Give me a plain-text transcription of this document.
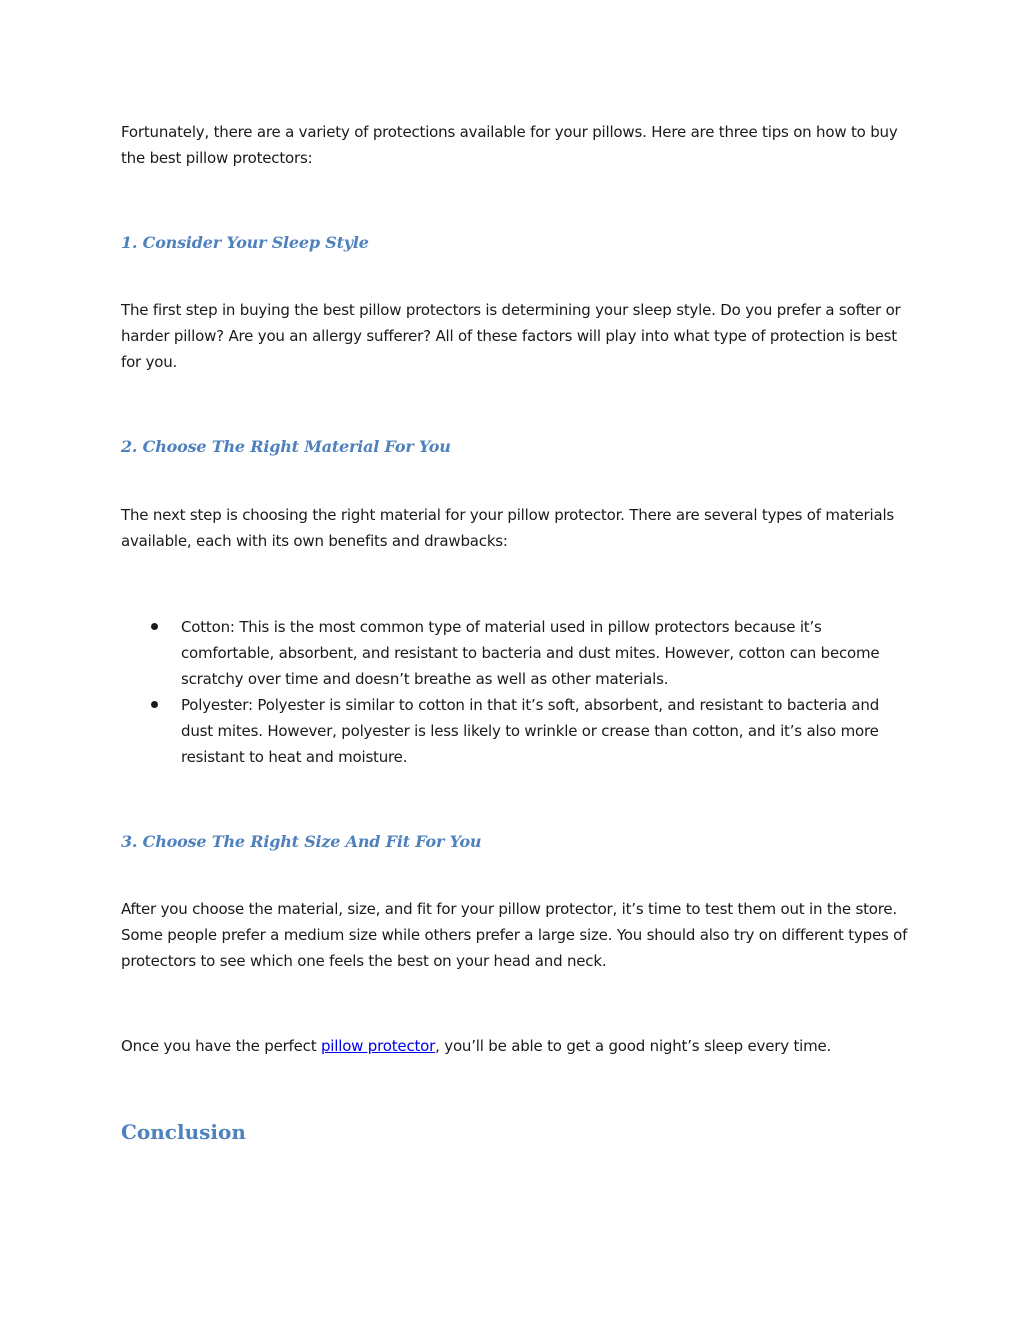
Fortunately, there are a variety of protections available for your pillows. Here are three tips on how to buy the best pillow protectors:

1. Consider Your Sleep Style

The first step in buying the best pillow protectors is determining your sleep style. Do you prefer a softer or harder pillow? Are you an allergy sufferer? All of these factors will play into what type of protection is best for you.

2. Choose The Right Material For You

The next step is choosing the right material for your pillow protector. There are several types of materials available, each with its own benefits and drawbacks:

Cotton: This is the most common type of material used in pillow protectors because it’s comfortable, absorbent, and resistant to bacteria and dust mites. However, cotton can become scratchy over time and doesn’t breathe as well as other materials.
Polyester: Polyester is similar to cotton in that it’s soft, absorbent, and resistant to bacteria and dust mites. However, polyester is less likely to wrinkle or crease than cotton, and it’s also more resistant to heat and moisture.
3. Choose The Right Size And Fit For You

After you choose the material, size, and fit for your pillow protector, it’s time to test them out in the store. Some people prefer a medium size while others prefer a large size. You should also try on different types of protectors to see which one feels the best on your head and neck.

Once you have the perfect pillow protector, you’ll be able to get a good night’s sleep every time.

Conclusion
